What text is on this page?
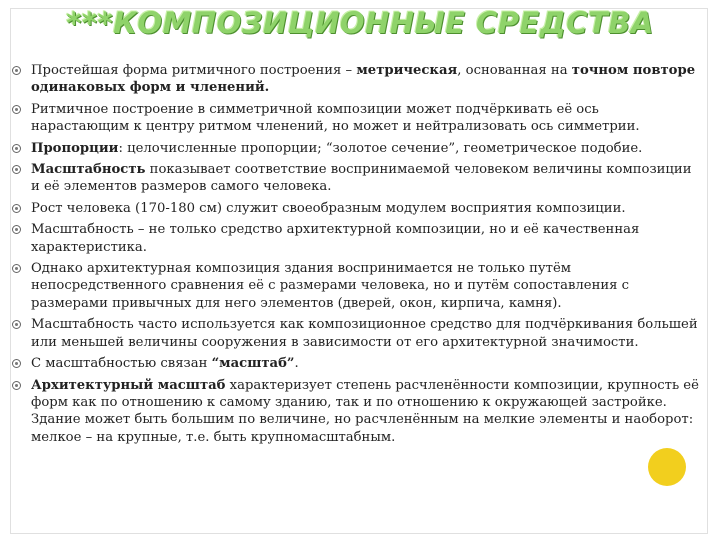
***КОМПОЗИЦИОННЫЕ СРЕДСТВА
Простейшая форма ритмичного построения – метрическая, основанная на точном повторе одинаковых форм и членений.
Ритмичное построение в симметричной композиции может подчёркивать её ось нарастающим к центру ритмом членений, но может и нейтрализовать ось симметрии.
Пропорции: целочисленные пропорции; “золотое сечение”, геометрическое подобие.
Масштабность показывает соответствие воспринимаемой человеком величины композиции и её элементов размеров самого человека.
Рост человека (170-180 см) служит своеобразным модулем восприятия композиции.
Масштабность – не только средство архитектурной композиции, но и её качественная характеристика.
Однако архитектурная композиция здания воспринимается не только путём непосредственного сравнения её с размерами человека, но и путём сопоставления с размерами привычных для него элементов (дверей, окон, кирпича, камня).
Масштабность часто используется как композиционное средство для подчёркивания большей или меньшей величины сооружения в зависимости от его архитектурной значимости.
С масштабностью связан “масштаб”.
Архитектурный масштаб характеризует степень расчленённости композиции, крупность её форм как по отношению к самому зданию, так и по отношению к окружающей застройке. Здание может быть большим по величине, но расчленённым на мелкие элементы и наоборот: мелкое – на крупные, т.е. быть крупномасштабным.
